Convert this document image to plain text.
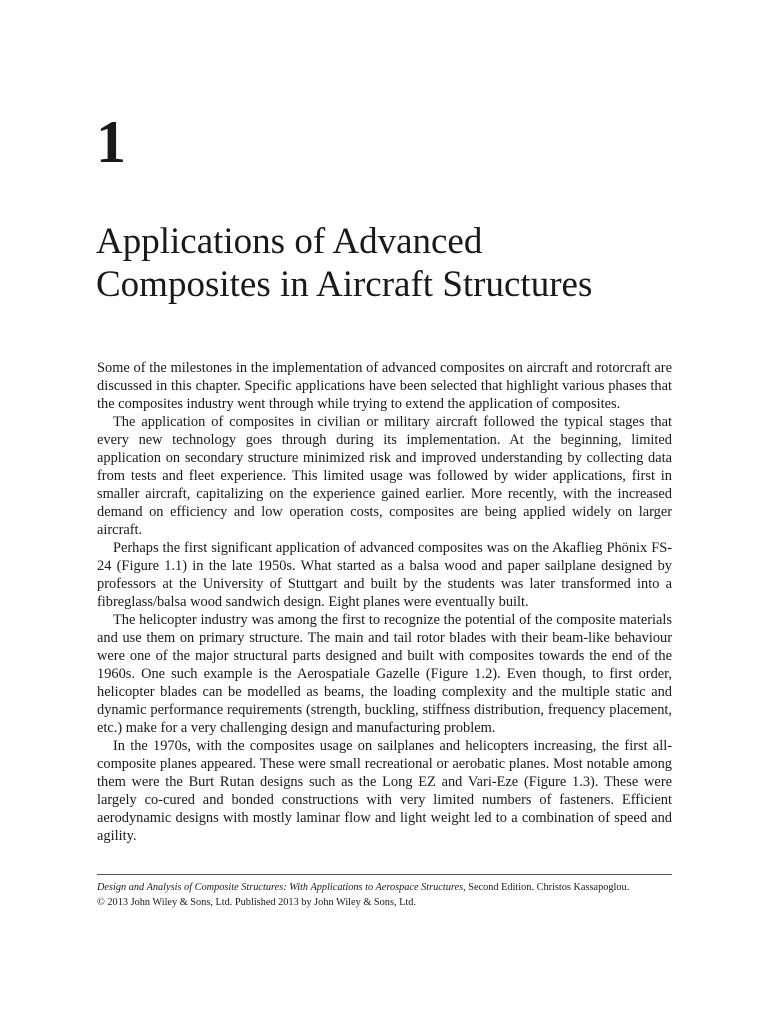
1
Applications of Advanced
Composites in Aircraft Structures

Some of the milestones in the implementation of advanced composites on aircraft and rotorcraft are discussed in this chapter. Specific applications have been selected that highlight various phases that the composites industry went through while trying to extend the application of composites.

The application of composites in civilian or military aircraft followed the typical stages that every new technology goes through during its implementation. At the beginning, limited application on secondary structure minimized risk and improved understanding by collecting data from tests and fleet experience. This limited usage was followed by wider applications, first in smaller aircraft, capitalizing on the experience gained earlier. More recently, with the increased demand on efficiency and low operation costs, composites are being applied widely on larger aircraft.

Perhaps the first significant application of advanced composites was on the Akaflieg Phönix FS-24 (Figure 1.1) in the late 1950s. What started as a balsa wood and paper sailplane designed by professors at the University of Stuttgart and built by the students was later transformed into a fibreglass/balsa wood sandwich design. Eight planes were eventually built.

The helicopter industry was among the first to recognize the potential of the composite materials and use them on primary structure. The main and tail rotor blades with their beam-like behaviour were one of the major structural parts designed and built with composites towards the end of the 1960s. One such example is the Aerospatiale Gazelle (Figure 1.2). Even though, to first order, helicopter blades can be modelled as beams, the loading complexity and the multiple static and dynamic performance requirements (strength, buckling, stiffness distribution, frequency placement, etc.) make for a very challenging design and manufacturing problem.

In the 1970s, with the composites usage on sailplanes and helicopters increasing, the first all-composite planes appeared. These were small recreational or aerobatic planes. Most notable among them were the Burt Rutan designs such as the Long EZ and Vari-Eze (Figure 1.3). These were largely co-cured and bonded constructions with very limited numbers of fasteners. Efficient aerodynamic designs with mostly laminar flow and light weight led to a combination of speed and agility.

Design and Analysis of Composite Structures: With Applications to Aerospace Structures, Second Edition. Christos Kassapoglou.
© 2013 John Wiley & Sons, Ltd. Published 2013 by John Wiley & Sons, Ltd.
